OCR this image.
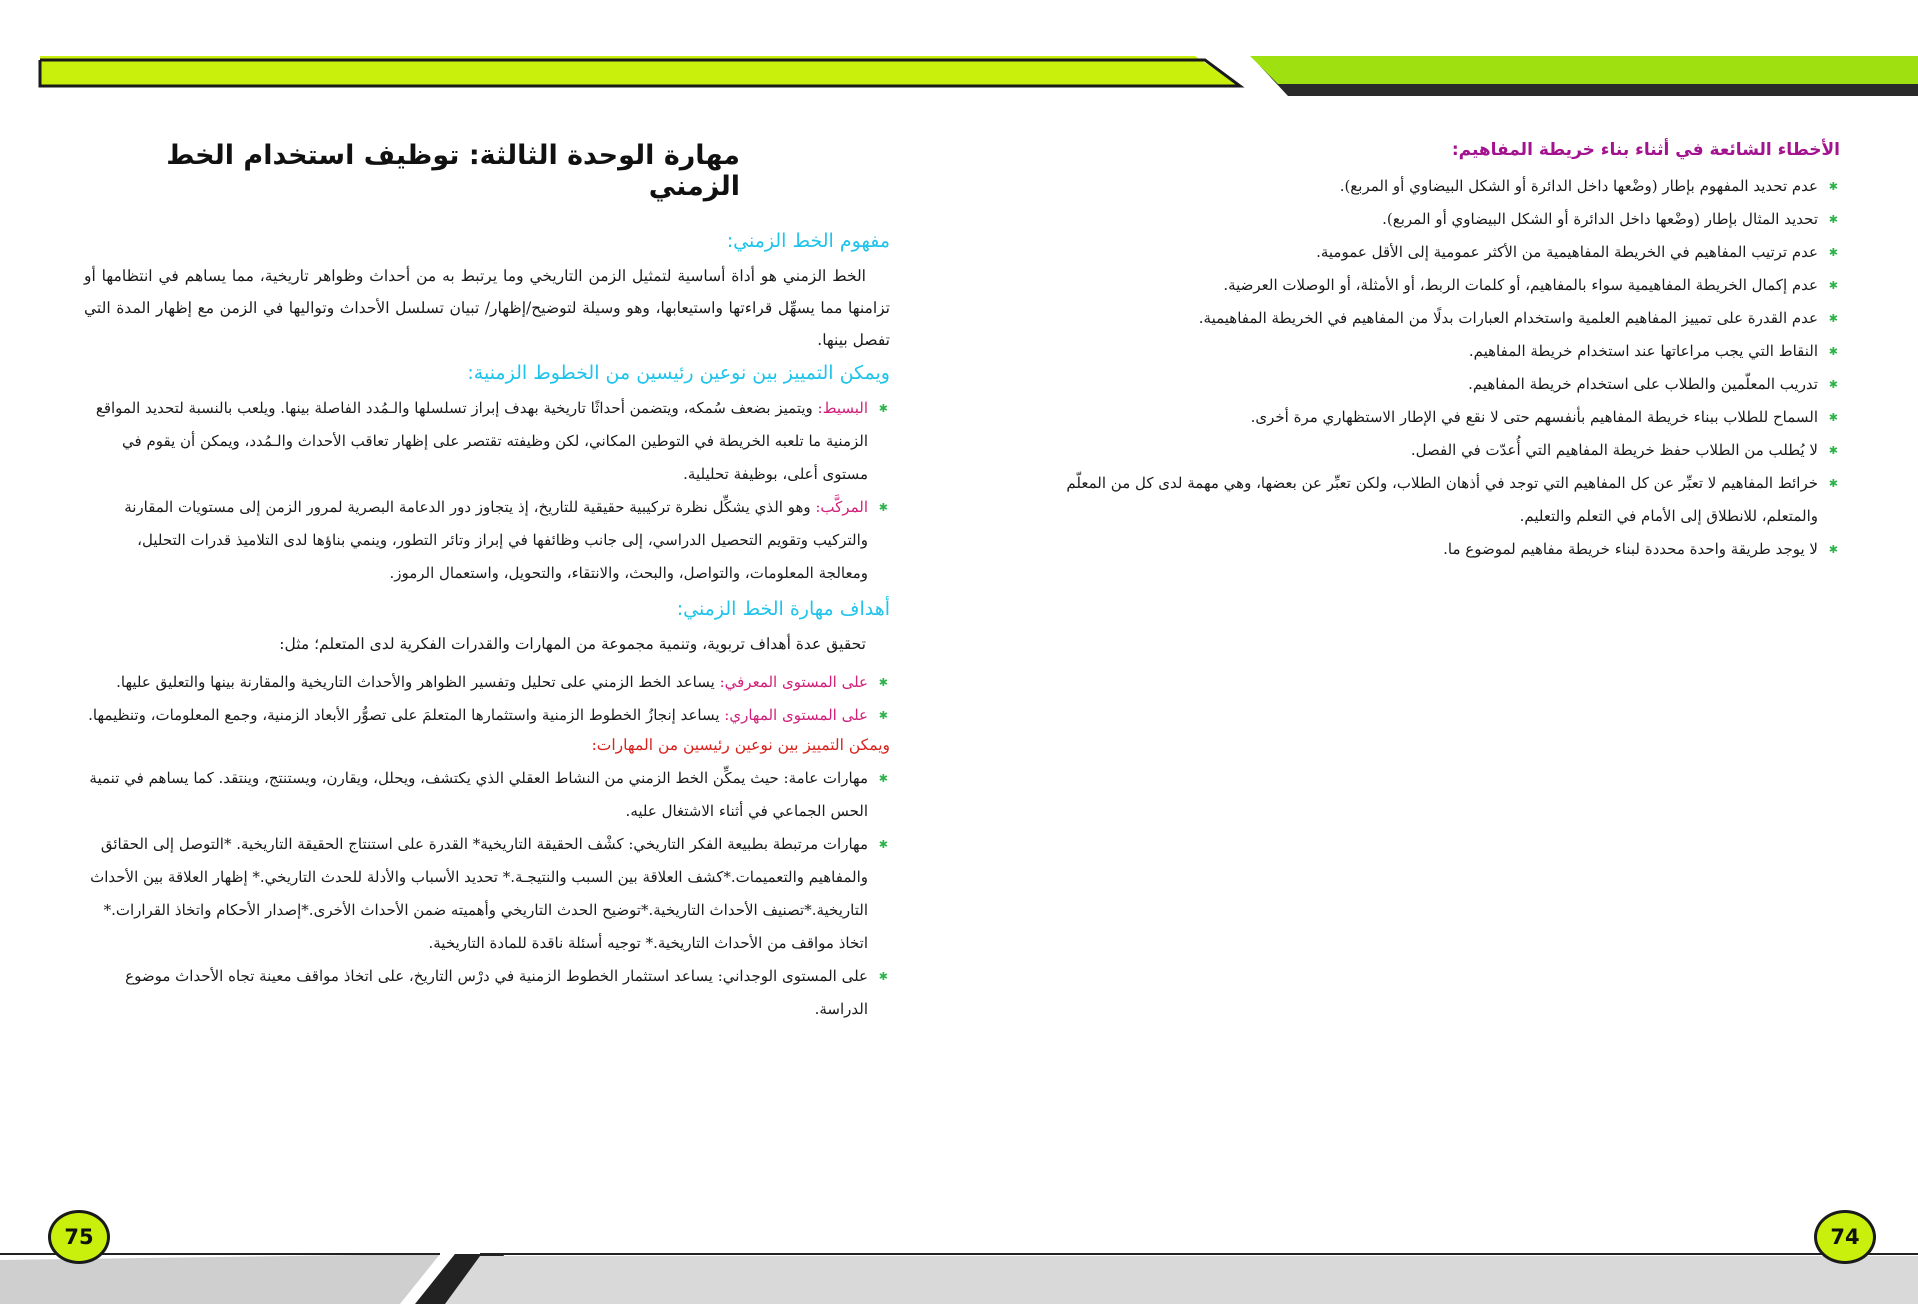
75	74
الأخطاء الشائعة في أثناء بناء خريطة المفاهيم:
✱
عدم تحديد المفهوم بإطار (وضْعها داخل الدائرة أو الشكل البيضاوي أو المربع).
✱
تحديد المثال بإطار (وضْعها داخل الدائرة أو الشكل البيضاوي أو المربع).
✱
عدم ترتيب المفاهيم في الخريطة المفاهيمية من الأكثر عمومية إلى الأقل عمومية.
✱
عدم إكمال الخريطة المفاهيمية سواء بالمفاهيم، أو كلمات الربط، أو الأمثلة، أو الوصلات العرضية.
✱
عدم القدرة على تمييز المفاهيم العلمية واستخدام العبارات بدلًا من المفاهيم في الخريطة المفاهيمية.
✱
النقاط التي يجب مراعاتها عند استخدام خريطة المفاهيم.
✱
تدريب المعلّمين والطلاب على استخدام خريطة المفاهيم.
✱
السماح للطلاب ببناء خريطة المفاهيم بأنفسهم حتى لا نقع في الإطار الاستظهاري مرة أخرى.
✱
لا يُطلب من الطلاب حفظ خريطة المفاهيم التي أُعدّت في الفصل.
✱
خرائط المفاهيم لا تعبِّر عن كل المفاهيم التي توجد في أذهان الطلاب، ولكن تعبِّر عن بعضها، وهي مهمة لدى كل من المعلّم والمتعلم، للانطلاق إلى الأمام في التعلم والتعليم.
✱
لا يوجد طريقة واحدة محددة لبناء خريطة مفاهيم لموضوع ما.
مهارة الوحدة الثالثة: توظيف استخدام الخط الزمني
مفهوم الخط الزمني:

الخط الزمني هو أداة أساسية لتمثيل الزمن التاريخي وما يرتبط به من أحداث وظواهر تاريخية، مما يساهم في انتظامها أو تزامنها مما يسهِّل قراءتها واستيعابها، وهو وسيلة لتوضيح/إظهار/ تبيان تسلسل الأحداث وتواليها في الزمن مع إظهار المدة التي تفصل بينها.

ويمكن التمييز بين نوعين رئيسين من الخطوط الزمنية:
✱
البسيط: ويتميز بضعف سُمكه، ويتضمن أحداثًا تاريخية بهدف إبراز تسلسلها والـمُدد الفاصلة بينها. ويلعب بالنسبة لتحديد المواقع الزمنية ما تلعبه الخريطة في التوطين المكاني، لكن وظيفته تقتصر على إظهار تعاقب الأحداث والـمُدد، ويمكن أن يقوم في مستوى أعلى، بوظيفة تحليلية.
✱
المركَّب: وهو الذي يشكِّل نظرة تركيبية حقيقية للتاريخ، إذ يتجاوز دور الدعامة البصرية لمرور الزمن إلى مستويات المقارنة والتركيب وتقويم التحصيل الدراسي، إلى جانب وظائفها في إبراز وتائر التطور، وينمي بناؤها لدى التلاميذ قدرات التحليل، ومعالجة المعلومات، والتواصل، والبحث، والانتقاء، والتحويل، واستعمال الرموز.
أهداف مهارة الخط الزمني:

تحقيق عدة أهداف تربوية، وتنمية مجموعة من المهارات والقدرات الفكرية لدى المتعلم؛ مثل:

✱
على المستوى المعرفي: يساعد الخط الزمني على تحليل وتفسير الظواهر والأحداث التاريخية والمقارنة بينها والتعليق عليها.
✱
على المستوى المهاري: يساعد إنجازُ الخطوط الزمنية واستثمارها المتعلمَ على تصوُّر الأبعاد الزمنية، وجمع المعلومات، وتنظيمها.
ويمكن التمييز بين نوعين رئيسين من المهارات:
✱
مهارات عامة: حيث يمكِّن الخط الزمني من النشاط العقلي الذي يكتشف، ويحلل، ويقارن، ويستنتج، وينتقد. كما يساهم في تنمية الحس الجماعي في أثناء الاشتغال عليه.
✱
مهارات مرتبطة بطبيعة الفكر التاريخي: كشْف الحقيقة التاريخية* القدرة على استنتاج الحقيقة التاريخية. *التوصل إلى الحقائق والمفاهيم والتعميمات.*كشف العلاقة بين السبب والنتيجـة.* تحديد الأسباب والأدلة للحدث التاريخي.* إظهار العلاقة بين الأحداث التاريخية.*تصنيف الأحداث التاريخية.*توضيح الحدث التاريخي وأهميته ضمن الأحداث الأخرى.*إصدار الأحكام واتخاذ القرارات.* اتخاذ مواقف من الأحداث التاريخية.* توجيه أسئلة ناقدة للمادة التاريخية.
✱
على المستوى الوجداني: يساعد استثمار الخطوط الزمنية في درْس التاريخ، على اتخاذ مواقف معينة تجاه الأحداث موضوع الدراسة.
